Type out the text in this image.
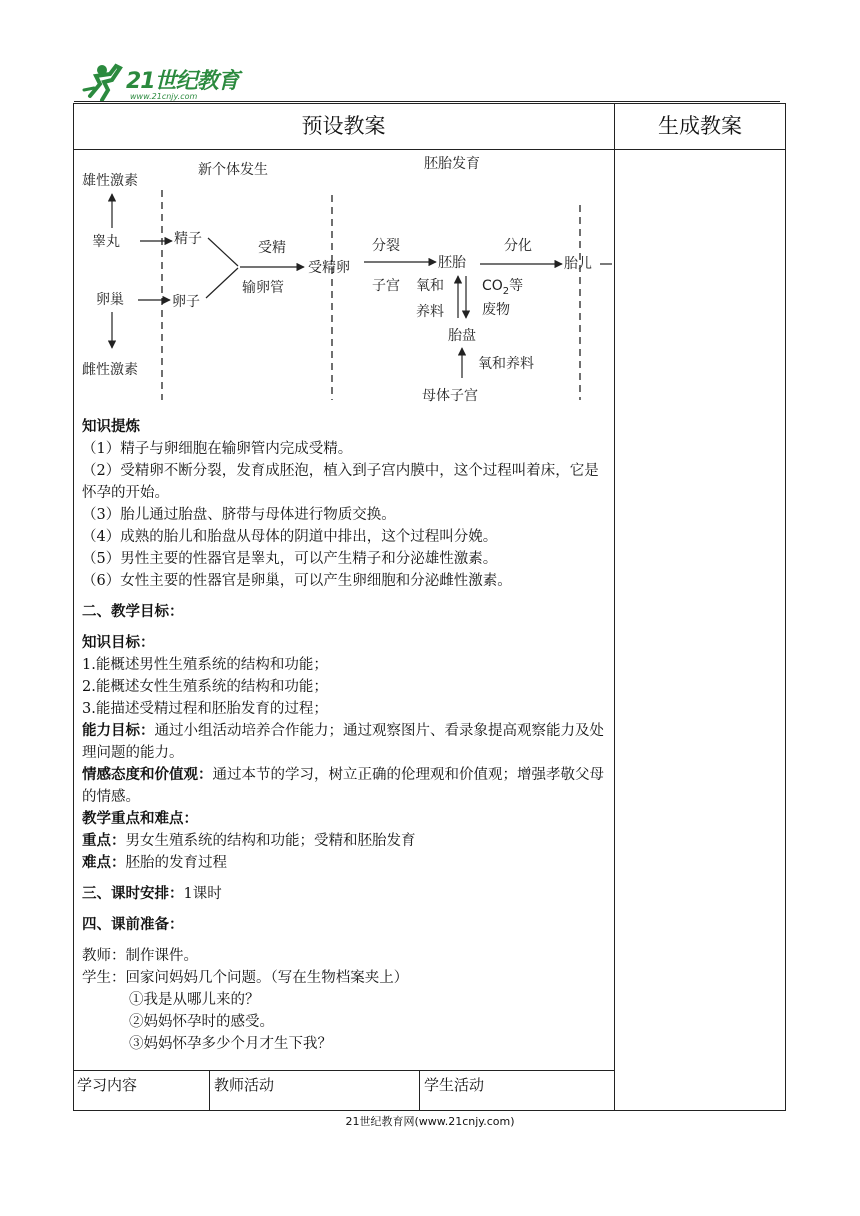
21世纪教育
www.21cnjy.com
预设教案	生成教案
新个体发生	胚胎发育
雄性激素
睾丸	精子
卵巢	卵子
雌性激素
受精
输卵管
受精卵
分裂
子宫
胚胎
氧和
养料
$CO_2$等
废物
分化
胎儿
胎盘
氧和养料
母体子宫

知识提炼

（1）精子与卵细胞在输卵管内完成受精。

（2）受精卵不断分裂，发育成胚泡，植入到子宫内膜中，这个过程叫着床，它是怀孕的开始。

（3）胎儿通过胎盘、脐带与母体进行物质交换。

（4）成熟的胎儿和胎盘从母体的阴道中排出，这个过程叫分娩。

（5）男性主要的性器官是睾丸，可以产生精子和分泌雄性激素。

（6）女性主要的性器官是卵巢，可以产生卵细胞和分泌雌性激素。

二、教学目标：

知识目标：

1.能概述男性生殖系统的结构和功能；

2.能概述女性生殖系统的结构和功能；

3.能描述受精过程和胚胎发育的过程；

能力目标：通过小组活动培养合作能力；通过观察图片、看录象提高观察能力及处理问题的能力。

情感态度和价值观：通过本节的学习，树立正确的伦理观和价值观；增强孝敬父母的情感。

教学重点和难点：

重点：男女生殖系统的结构和功能；受精和胚胎发育

难点：胚胎的发育过程

三、课时安排：1课时

四、课前准备：

教师：制作课件。

学生：回家问妈妈几个问题。（写在生物档案夹上）

①我是从哪儿来的？

②妈妈怀孕时的感受。

③妈妈怀孕多少个月才生下我？

学习内容	教师活动	学生活动
21世纪教育网(www.21cnjy.com)
